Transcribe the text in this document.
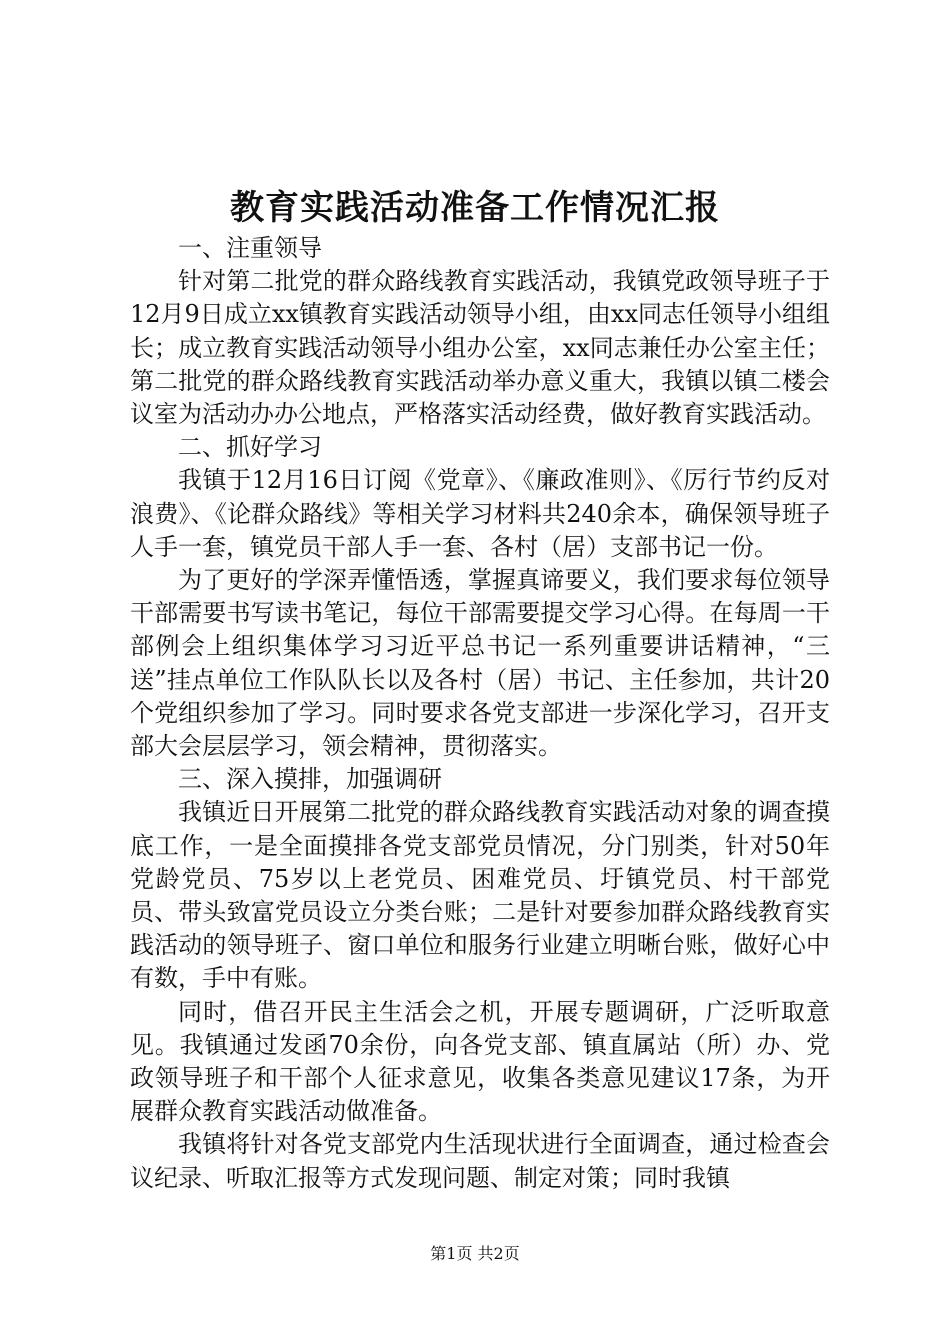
教育实践活动准备工作情况汇报

一、注重领导

针对第二批党的群众路线教育实践活动，我镇党政领导班子于12月9日成立xx镇教育实践活动领导小组，由xx同志任领导小组组长；成立教育实践活动领导小组办公室，xx同志兼任办公室主任；第二批党的群众路线教育实践活动举办意义重大，我镇以镇二楼会议室为活动办办公地点，严格落实活动经费，做好教育实践活动。

二、抓好学习

我镇于12月16日订阅《党章》、《廉政准则》、《厉行节约反对浪费》、《论群众路线》等相关学习材料共240余本，确保领导班子人手一套，镇党员干部人手一套、各村（居）支部书记一份。

为了更好的学深弄懂悟透，掌握真谛要义，我们要求每位领导干部需要书写读书笔记，每位干部需要提交学习心得。在每周一干部例会上组织集体学习习近平总书记一系列重要讲话精神，“三送”挂点单位工作队队长以及各村（居）书记、主任参加，共计20个党组织参加了学习。同时要求各党支部进一步深化学习，召开支部大会层层学习，领会精神，贯彻落实。

三、深入摸排，加强调研

我镇近日开展第二批党的群众路线教育实践活动对象的调查摸底工作，一是全面摸排各党支部党员情况，分门别类，针对50年党龄党员、75岁以上老党员、困难党员、圩镇党员、村干部党员、带头致富党员设立分类台账；二是针对要参加群众路线教育实践活动的领导班子、窗口单位和服务行业建立明晰台账，做好心中有数，手中有账。

同时，借召开民主生活会之机，开展专题调研，广泛听取意见。我镇通过发函70余份，向各党支部、镇直属站（所）办、党政领导班子和干部个人征求意见，收集各类意见建议17条，为开展群众教育实践活动做准备。

我镇将针对各党支部党内生活现状进行全面调查，通过检查会议纪录、听取汇报等方式发现问题、制定对策；同时我镇

第1页 共2页
